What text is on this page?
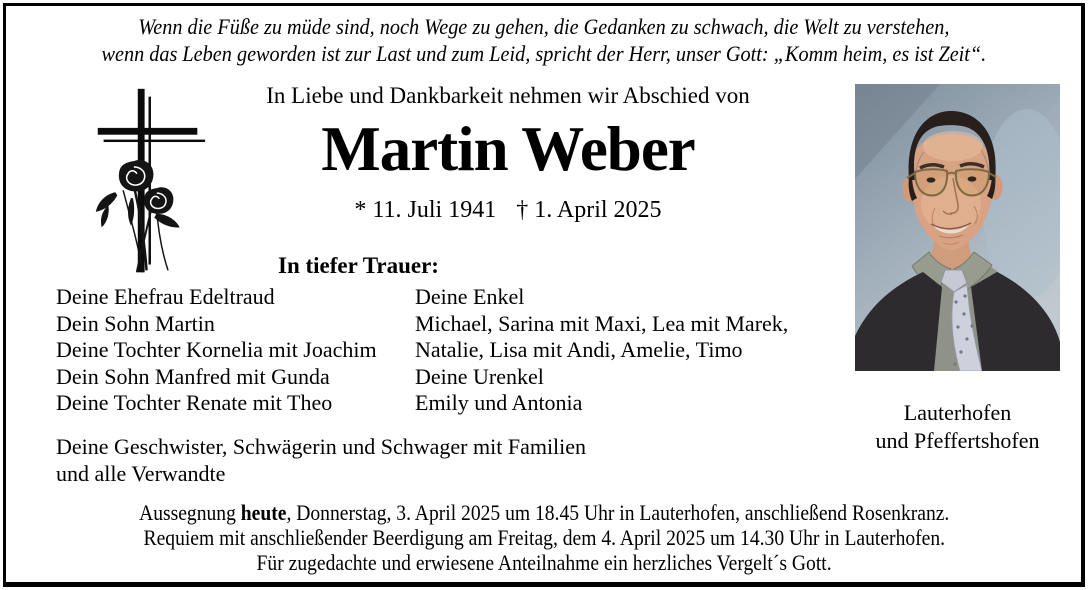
Wenn die Füße zu müde sind, noch Wege zu gehen, die Gedanken zu schwach, die Welt zu verstehen,
wenn das Leben geworden ist zur Last und zum Leid, spricht der Herr, unser Gott: „Komm heim, es ist Zeit“.
In Liebe und Dankbarkeit nehmen wir Abschied von
Martin Weber
* 11. Juli 1941 † 1. April 2025
In tiefer Trauer:
Deine Ehefrau Edeltraud
Dein Sohn Martin
Deine Tochter Kornelia mit Joachim
Dein Sohn Manfred mit Gunda
Deine Tochter Renate mit Theo
Deine Enkel
Michael, Sarina mit Maxi, Lea mit Marek,
Natalie, Lisa mit Andi, Amelie, Timo
Deine Urenkel
Emily und Antonia
Deine Geschwister, Schwägerin und Schwager mit Familien
und alle Verwandte
Lauterhofen
und Pfeffertshofen
Aussegnung heute, Donnerstag, 3. April 2025 um 18.45 Uhr in Lauterhofen, anschließend Rosenkranz.
Requiem mit anschließender Beerdigung am Freitag, dem 4. April 2025 um 14.30 Uhr in Lauterhofen.
Für zugedachte und erwiesene Anteilnahme ein herzliches Vergelt´s Gott.
